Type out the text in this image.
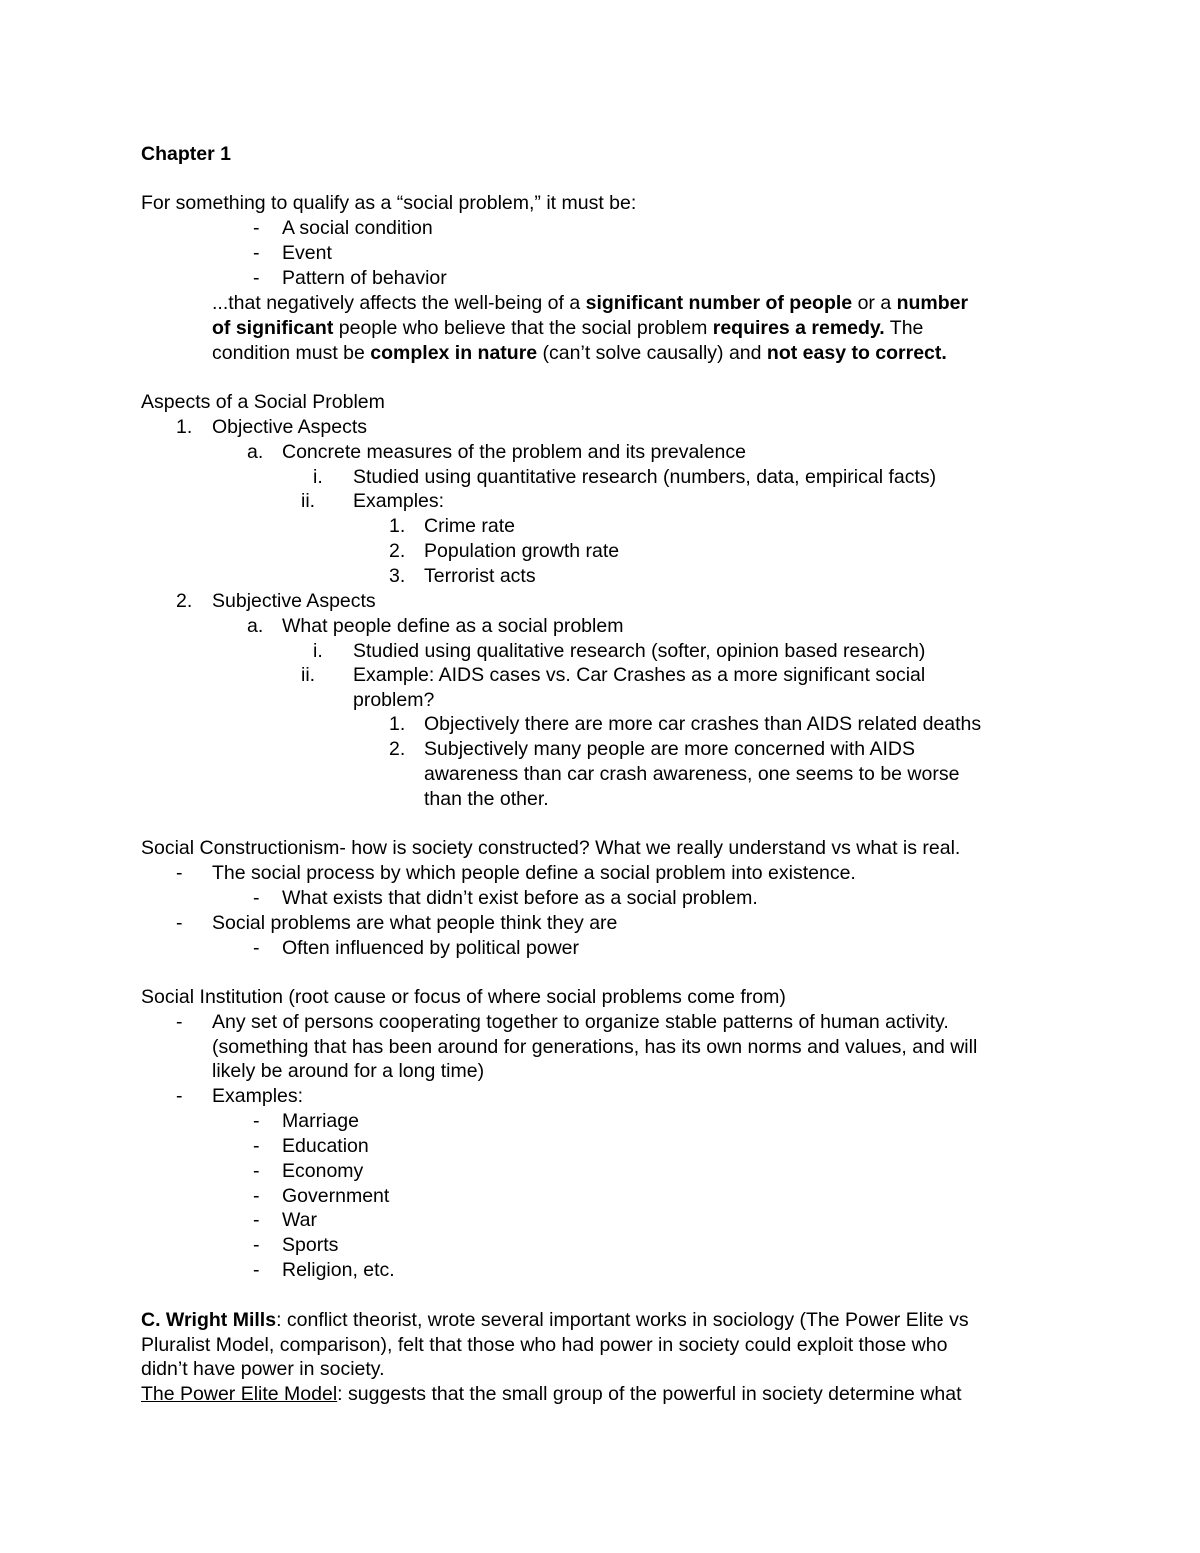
Chapter 1
For something to qualify as a “social problem,” it must be:
- A social condition
- Event
- Pattern of behavior
...that negatively affects the well-being of a significant number of people or a number
of significant people who believe that the social problem requires a remedy. The
condition must be complex in nature (can’t solve causally) and not easy to correct.
Aspects of a Social Problem
1. Objective Aspects
a. Concrete measures of the problem and its prevalence
i. Studied using quantitative research (numbers, data, empirical facts)
ii. Examples:
1. Crime rate
2. Population growth rate
3. Terrorist acts
2. Subjective Aspects
a. What people define as a social problem
i. Studied using qualitative research (softer, opinion based research)
ii. Example: AIDS cases vs. Car Crashes as a more significant social
problem?
1. Objectively there are more car crashes than AIDS related deaths
2. Subjectively many people are more concerned with AIDS
awareness than car crash awareness, one seems to be worse
than the other.
Social Constructionism- how is society constructed? What we really understand vs what is real.
- The social process by which people define a social problem into existence.
- What exists that didn’t exist before as a social problem.
- Social problems are what people think they are
- Often influenced by political power
Social Institution (root cause or focus of where social problems come from)
- Any set of persons cooperating together to organize stable patterns of human activity.
(something that has been around for generations, has its own norms and values, and will
likely be around for a long time)
- Examples:
- Marriage
- Education
- Economy
- Government
- War
- Sports
- Religion, etc.
C. Wright Mills: conflict theorist, wrote several important works in sociology (The Power Elite vs
Pluralist Model, comparison), felt that those who had power in society could exploit those who
didn’t have power in society.
The Power Elite Model: suggests that the small group of the powerful in society determine what
